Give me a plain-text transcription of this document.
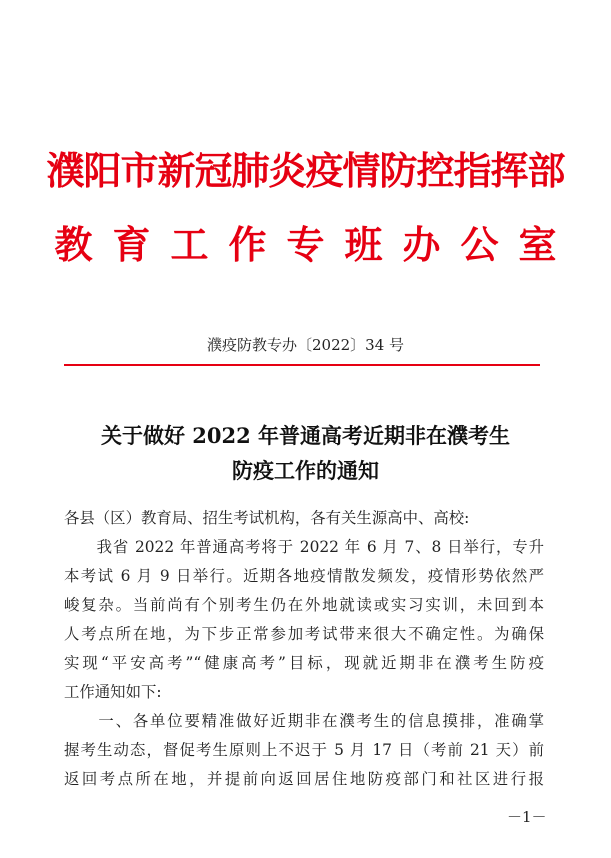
濮阳市新冠肺炎疫情防控指挥部
教育工作专班办公室
濮疫防教专办〔2022〕34 号
关于做好 2022 年普通高考近期非在濮考生
防疫工作的通知
各县（区）教育局、招生考试机构，各有关生源高中、高校:
　　我省 2022 年普通高考将于 2022 年 6 月 7、8 日举行，专升
本考试 6 月 9 日举行。近期各地疫情散发频发，疫情形势依然严
峻复杂。当前尚有个别考生仍在外地就读或实习实训，未回到本
人考点所在地，为下步正常参加考试带来很大不确定性。为确保
实现“平安高考”“健康高考”目标，现就近期非在濮考生防疫
工作通知如下:
　　一、各单位要精准做好近期非在濮考生的信息摸排，准确掌
握考生动态，督促考生原则上不迟于 5 月 17 日（考前 21 天）前
返回考点所在地，并提前向返回居住地防疫部门和社区进行报
－1－
